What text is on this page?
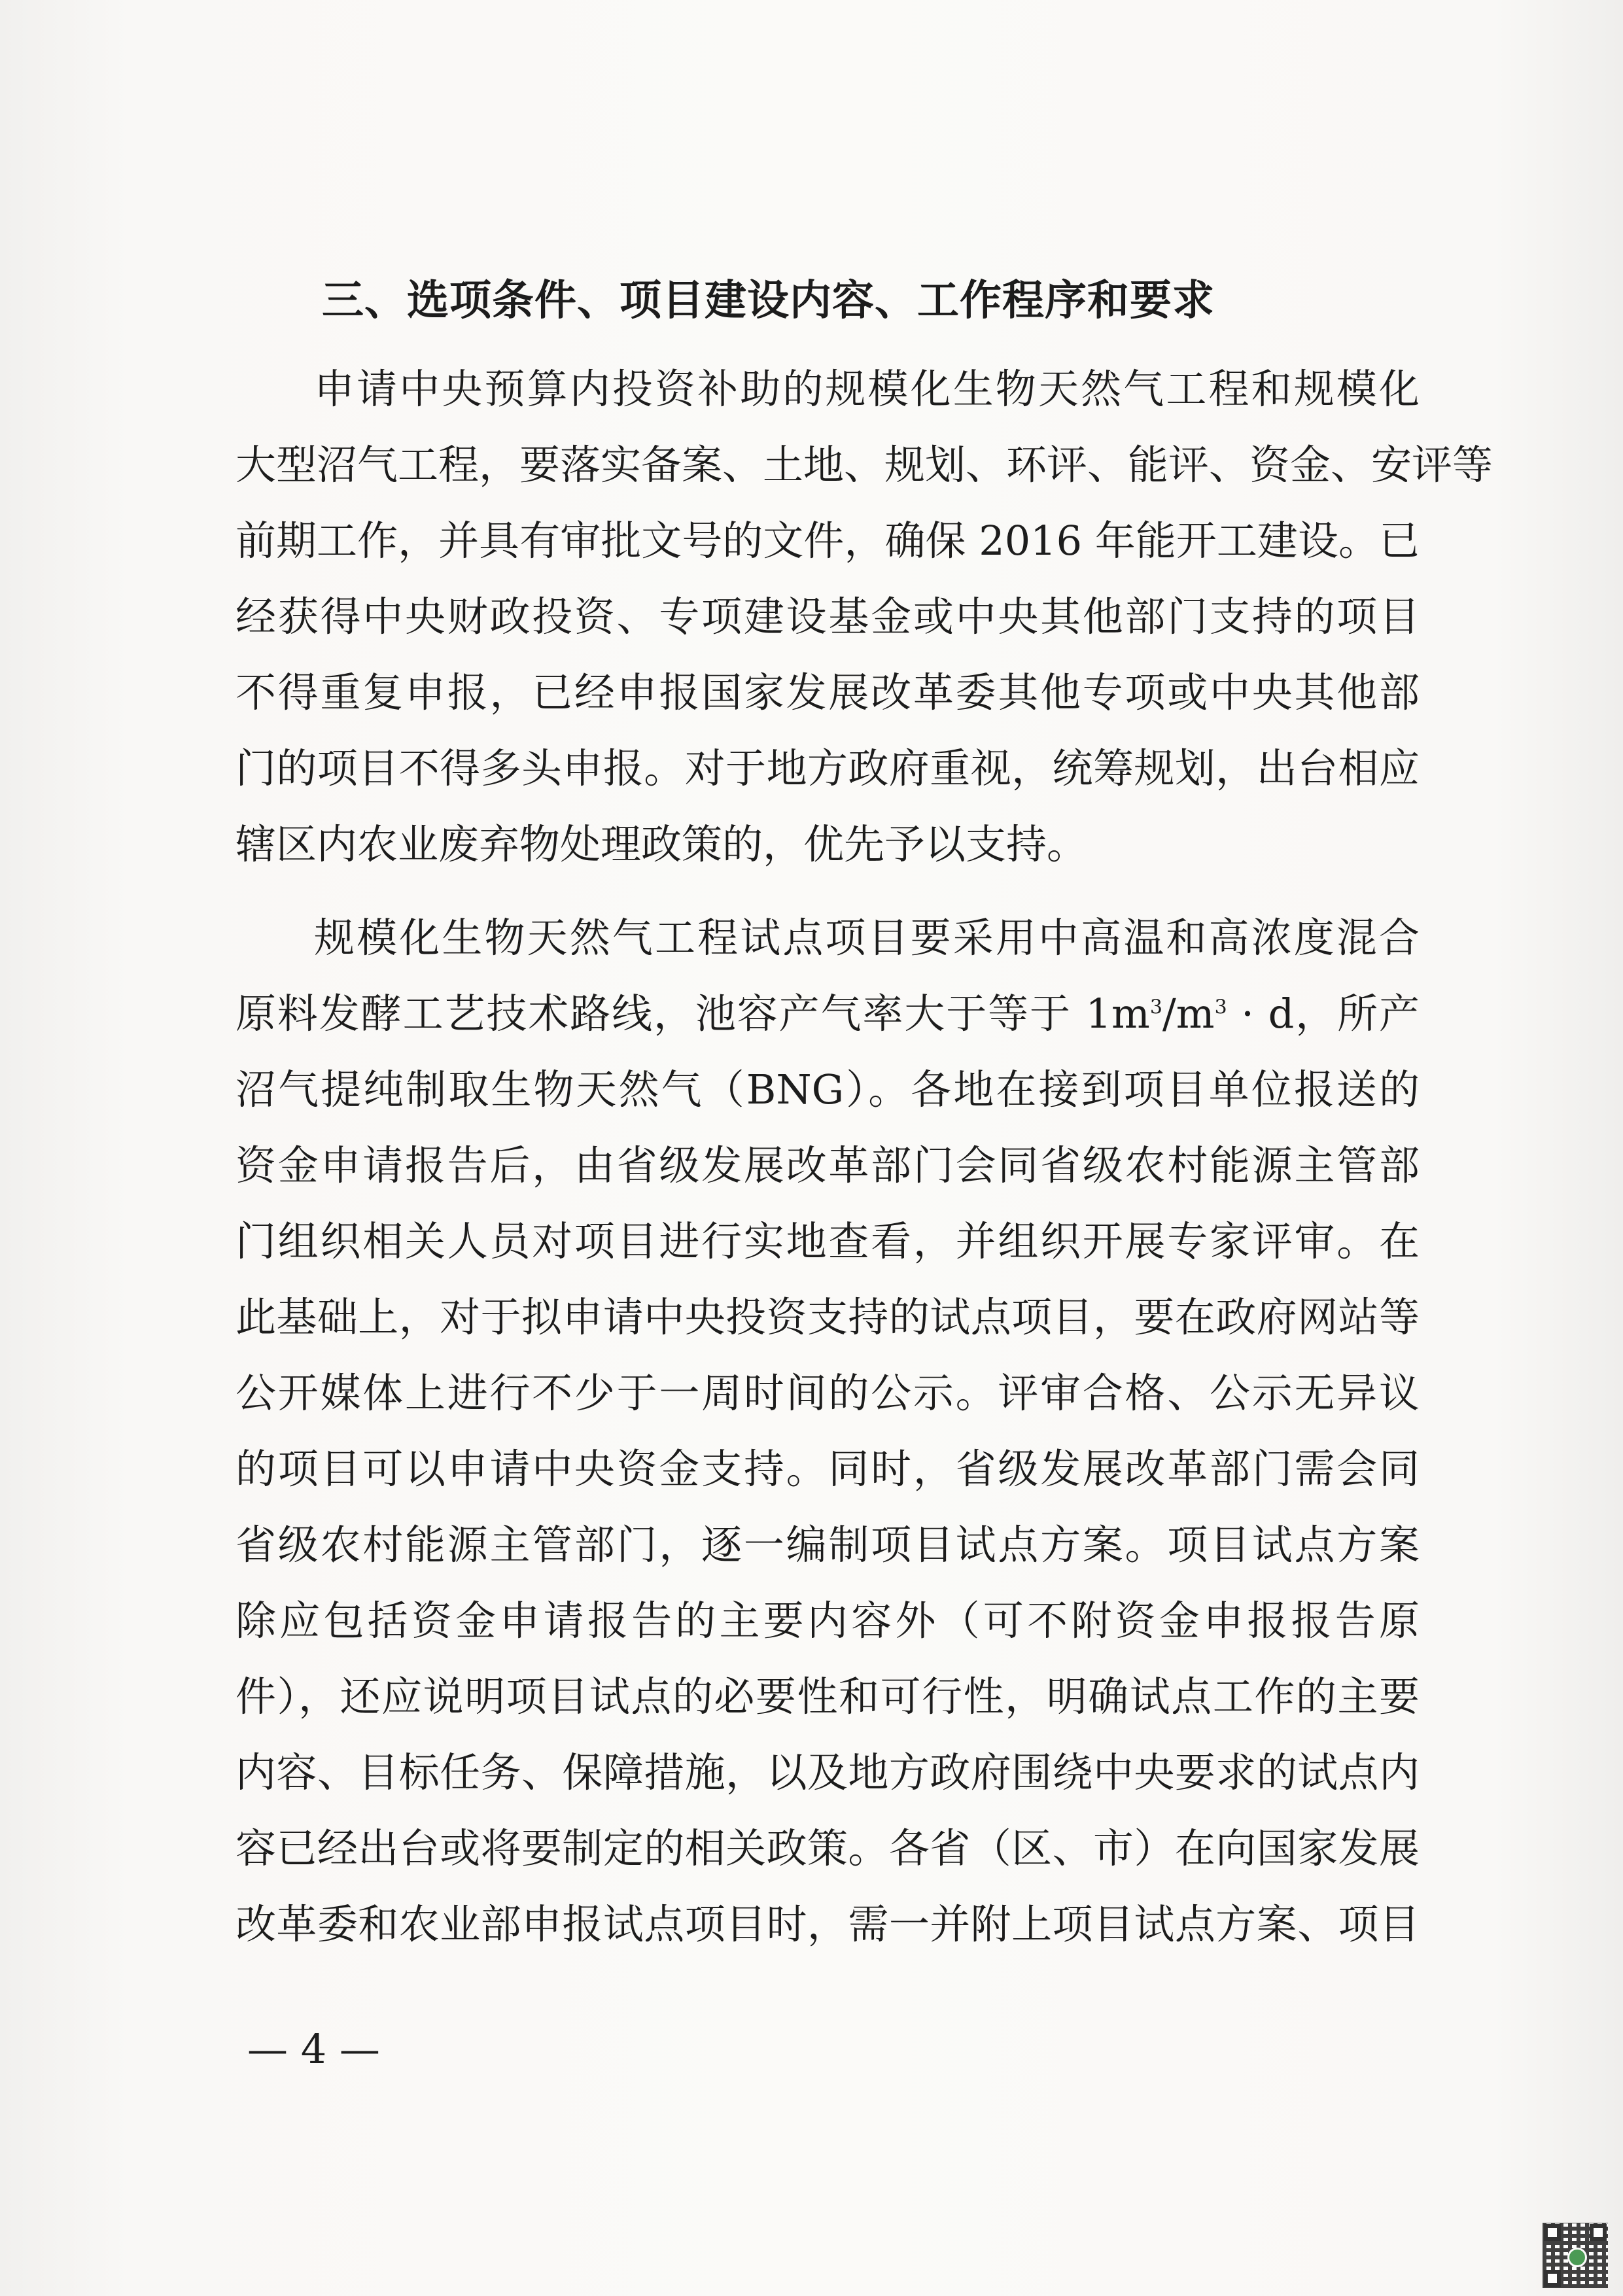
三、选项条件、项目建设内容、工作程序和要求
申请中央预算内投资补助的规模化生物天然气工程和规模化
大型沼气工程，要落实备案、土地、规划、环评、能评、资金、安评等
前期工作，并具有审批文号的文件，确保 2016 年能开工建设。已
经获得中央财政投资、专项建设基金或中央其他部门支持的项目
不得重复申报，已经申报国家发展改革委其他专项或中央其他部
门的项目不得多头申报。对于地方政府重视，统筹规划，出台相应
辖区内农业废弃物处理政策的，优先予以支持。
规模化生物天然气工程试点项目要采用中高温和高浓度混合
原料发酵工艺技术路线，池容产气率大于等于 $1m^3/m^3 \cdot d$，所产
沼气提纯制取生物天然气（BNG）。各地在接到项目单位报送的
资金申请报告后，由省级发展改革部门会同省级农村能源主管部
门组织相关人员对项目进行实地查看，并组织开展专家评审。在
此基础上，对于拟申请中央投资支持的试点项目，要在政府网站等
公开媒体上进行不少于一周时间的公示。评审合格、公示无异议
的项目可以申请中央资金支持。同时，省级发展改革部门需会同
省级农村能源主管部门，逐一编制项目试点方案。项目试点方案
除应包括资金申请报告的主要内容外（可不附资金申报报告原
件），还应说明项目试点的必要性和可行性，明确试点工作的主要
内容、目标任务、保障措施，以及地方政府围绕中央要求的试点内
容已经出台或将要制定的相关政策。各省（区、市）在向国家发展
改革委和农业部申报试点项目时，需一并附上项目试点方案、项目
— 4 —
